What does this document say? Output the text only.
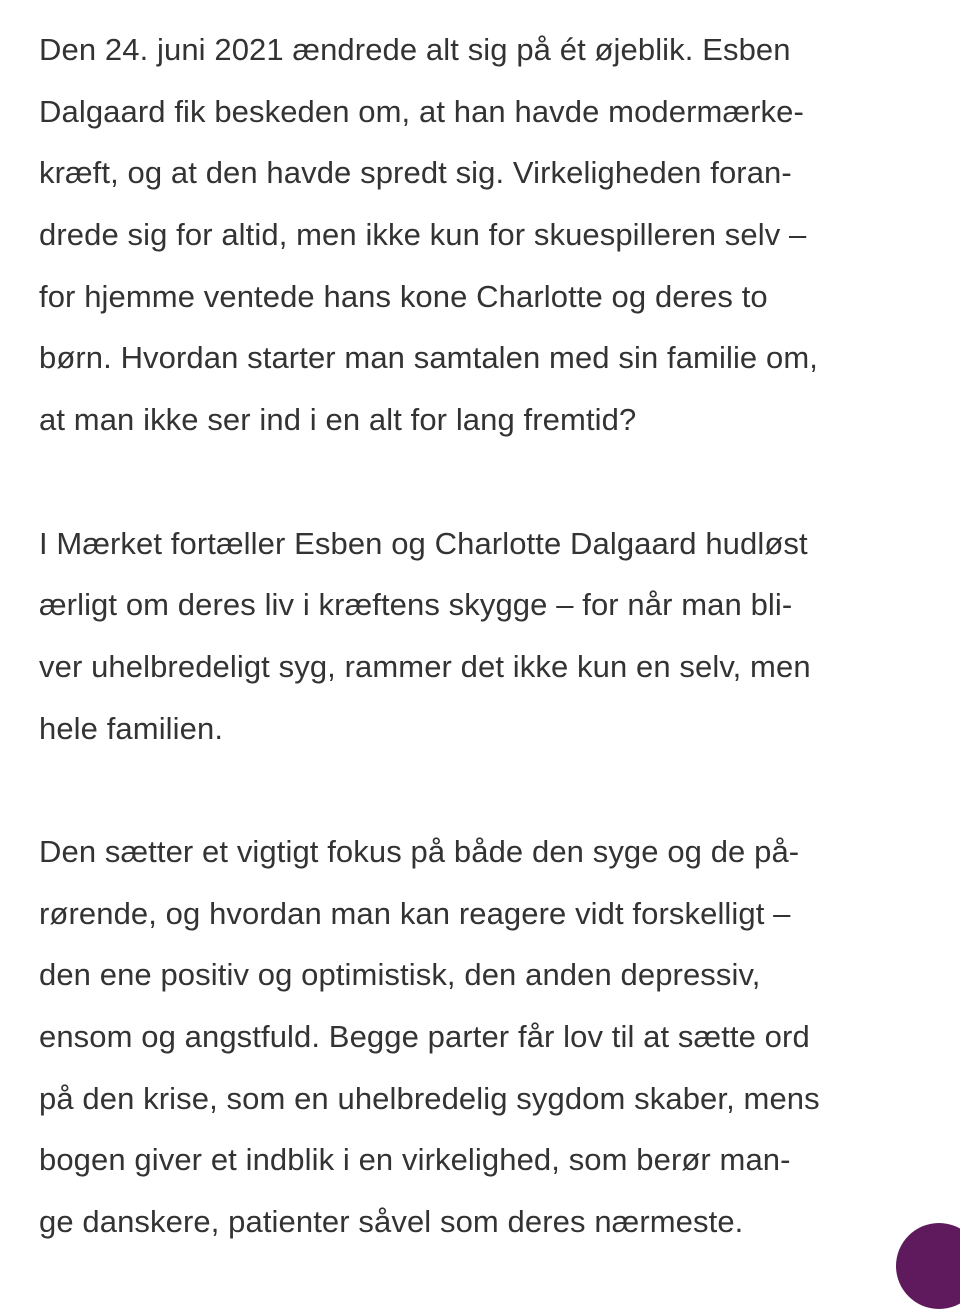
Den 24. juni 2021 ændrede alt sig på ét øjeblik. Esben
Dalgaard fik beskeden om, at han havde modermærke-
kræft, og at den havde spredt sig. Virkeligheden foran-
drede sig for altid, men ikke kun for skuespilleren selv –
for hjemme ventede hans kone Charlotte og deres to
børn. Hvordan starter man samtalen med sin familie om,
at man ikke ser ind i en alt for lang fremtid?
I Mærket fortæller Esben og Charlotte Dalgaard hudløst
ærligt om deres liv i kræftens skygge – for når man bli-
ver uhelbredeligt syg, rammer det ikke kun en selv, men
hele familien.
Den sætter et vigtigt fokus på både den syge og de på-
rørende, og hvordan man kan reagere vidt forskelligt –
den ene positiv og optimistisk, den anden depressiv,
ensom og angstfuld. Begge parter får lov til at sætte ord
på den krise, som en uhelbredelig sygdom skaber, mens
bogen giver et indblik i en virkelighed, som berør man-
ge danskere, patienter såvel som deres nærmeste.
